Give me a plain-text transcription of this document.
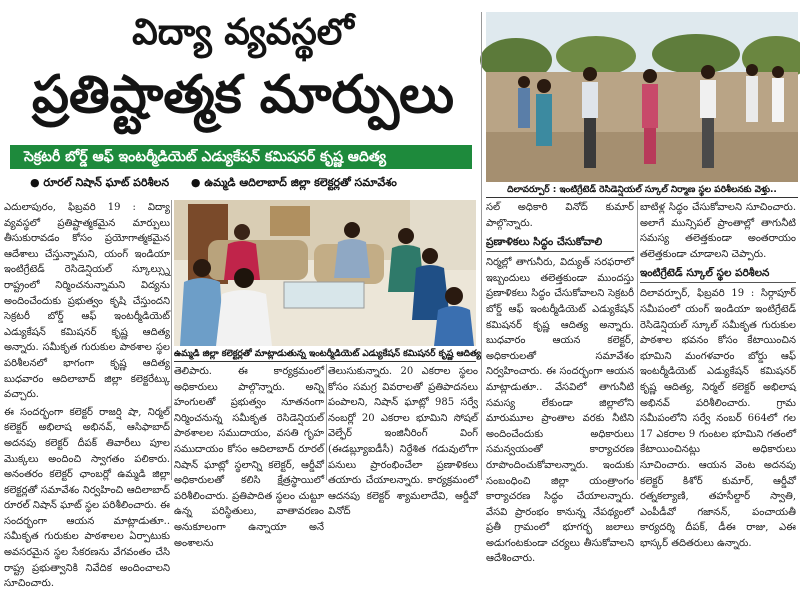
విద్యా వ్యవస్థలో
ప్రతిష్టాత్మక మార్పులు
సెక్రటరీ బోర్డ్ ఆఫ్ ఇంటర్మీడియెట్ ఎడ్యుకేషన్ కమిషనర్ కృష్ణ ఆదిత్య
● రూరల్ నిషాన్ ఘాట్ పరిశీలన ● ఉమ్మడి ఆదిలాబాద్ జిల్లా కలెక్టర్లతో సమావేశం

ఎదులాపురం, ఫిబ్రవరి 19 : విద్యా వ్యవస్థలో ప్రతిష్టాత్మకమైన మార్పులు తీసుకురావడం కోసం ప్రయోగాత్మకమైన ఆదేశాలు చేస్తున్నామని, యంగ్ ఇండియా ఇంటిగ్రేటెడ్ రెసిడెన్షియల్ స్కూల్స్ను రాష్ట్రంలో నిర్మించనున్నామని విద్యను అందించేందుకు ప్రభుత్వం కృషి చేస్తుందని సెక్రటరీ బోర్డ్ ఆఫ్ ఇంటర్మీడియెట్ ఎడ్యుకేషన్ కమిషనర్ కృష్ణ ఆదిత్య అన్నారు. సమీకృత గురుకుల పాఠశాల స్థల పరిశీలనలో భాగంగా కృష్ణ ఆదిత్య బుధవారం ఆదిలాబాద్ జిల్లా కలెక్టరేట్కు వచ్చారు.

ఈ సందర్భంగా కలెక్టర్ రాజర్షి షా, నిర్మల్ కలెక్టర్ అభిలాష అభినవ్, ఆసిఫాబాద్ అదనపు కలెక్టర్ దీపక్ తివారీలు పూల మొక్కలు అందించి స్వాగతం పలికారు. అనంతరం కలెక్టర్ ఛాంబర్లో ఉమ్మడి జిల్లా కలెక్టర్లతో సమావేశం నిర్వహించి ఆదిలాబాద్ రూరల్ నిషాన్ ఘాట్ స్థల పరిశీలించారు. ఈ సందర్భంగా ఆయన మాట్లాడుతూ.. సమీకృత గురుకుల పాఠశాలల ఏర్పాటుకు అవసరమైన స్థల సేకరణను వేగవంతం చేసి రాష్ట్ర ప్రభుత్వానికి నివేదిక అందించాలని సూచించారు.

ఉమ్మడి జిల్లా కలెక్టర్లతో మాట్లాడుతున్న ఇంటర్మీడియెట్ ఎడ్యుకేషన్ కమిషనర్ కృష్ణ ఆదిత్య
తెలిపారు. ఈ కార్యక్రమంలో అధికారులు పాల్గొన్నారు. అన్ని హంగులతో ప్రభుత్వం నూతనంగా నిర్మించనున్న సమీకృత రెసిడెన్షియల్ పాఠశాలల సముదాయం, వసతి గృహ సముదాయం కోసం ఆదిలాబాద్ రూరల్ నిషాన్ ఘాట్లో స్థలాన్ని కలెక్టర్, ఆర్డీవో అధికారులతో కలిసి క్షేత్రస్థాయిలో పరిశీలించారు. ప్రతిపాదిత స్థలం చుట్టూ ఉన్న పరిస్థితులు, వాతావరణం అనుకూలంగా ఉన్నాయా అనే అంశాలను
తెలుసుకున్నారు. 20 ఎకరాల స్థలం కోసం సమగ్ర వివరాలతో ప్రతిపాదనలు పంపాలని, నిషాన్ ఘాట్లో 985 సర్వే నంబర్లో 20 ఎకరాల భూమిని సోషల్ వెల్ఫేర్ ఇంజినీరింగ్ వింగ్ (ఈడబ్ల్యూఐడీసీ) నిర్దేశిత గడువులోగా పనులు ప్రారంభించేలా ప్రణాళికలు తయారు చేయాలన్నారు. కార్యక్రమంలో ఆదనపు కలెక్టర్ శ్యామలాదేవి, ఆర్డీవో వినోద్
దిలావర్పూర్ : ఇంటిగ్రేటెడ్ రెసిడెన్షియల్ స్కూల్ నిర్మాణ స్థల పరిశీలనకు వెళ్తు..

సల్ అధికారి వినోద్ కుమార్ పాల్గొన్నారు.

ప్రణాళికలు సిద్ధం చేసుకోవాలి

నిర్మల్లో తాగునీరు, విద్యుత్ సరఫరాలో ఇబ్బందులు తలెత్తకుండా ముందస్తు ప్రణాళికలు సిద్ధం చేసుకోవాలని సెక్రటరీ బోర్డ్ ఆఫ్ ఇంటర్మీడియెట్ ఎడ్యుకేషన్ కమిషనర్ కృష్ణ ఆదిత్య అన్నారు. బుధవారం ఆయన కలెక్టర్, అధికారులతో సమావేశం నిర్వహించారు. ఈ సందర్భంగా ఆయన మాట్లాడుతూ.. వేసవిలో తాగునీటి సమస్య లేకుండా జిల్లాలోని మారుమూల ప్రాంతాల వరకు నీటిని అందించేందుకు అధికారులు సమన్వయంతో కార్యాచరణ రూపొందించుకోవాలన్నారు. ఇందుకు సంబంధించి జిల్లా యంత్రాంగం కార్యాచరణ సిద్ధం చేయాలన్నారు. వేసవి ప్రారంభం కానున్న నేపథ్యంలో ప్రతీ గ్రామంలో భూగర్భ జలాలు అడుగంటకుండా చర్యలు తీసుకోవాలని ఆదేశించారు.

బాటిళ్ల సిద్ధం చేసుకోవాలని సూచించారు. అలాగే మున్సిపల్ ప్రాంతాల్లో తాగునీటి సమస్య తలెత్తకుండా అంతరాయం తలెత్తకుండా చూడాలని చెప్పారు.

ఇంటిగ్రేటెడ్ స్కూల్ స్థల పరిశీలన

దిలావర్పూర్, ఫిబ్రవరి 19 : సిర్గాపూర్ సమీపంలో యంగ్ ఇండియా ఇంటిగ్రేటెడ్ రెసిడెన్షియల్ స్కూల్ సమీకృత గురుకుల పాఠశాల భవనం కోసం కేటాయించిన భూమిని మంగళవారం బోర్డు ఆఫ్ ఇంటర్మీడియెట్ ఎడ్యుకేషన్ కమిషనర్ కృష్ణ ఆదిత్య, నిర్మల్ కలెక్టర్ అభిలాష అభినవ్ పరిశీలించారు. గ్రామ సమీపంలోని సర్వే నంబర్ 664లో గల 17 ఎకరాల 9 గుంటల భూమిని గతంలో కేటాయించినట్లు అధికారులు సూచించారు. ఆయన వెంట అదనపు కలెక్టర్ కిశోర్ కుమార్, ఆర్డీవో రత్నకల్యాణి, తహసీల్దార్ స్వాతి, ఎంపీడీవో గజానన్, పంచాయతీ కార్యదర్శి దీపక్, డీఈ రాజు, ఎఈ భాస్కర్ తదితరులు ఉన్నారు.
